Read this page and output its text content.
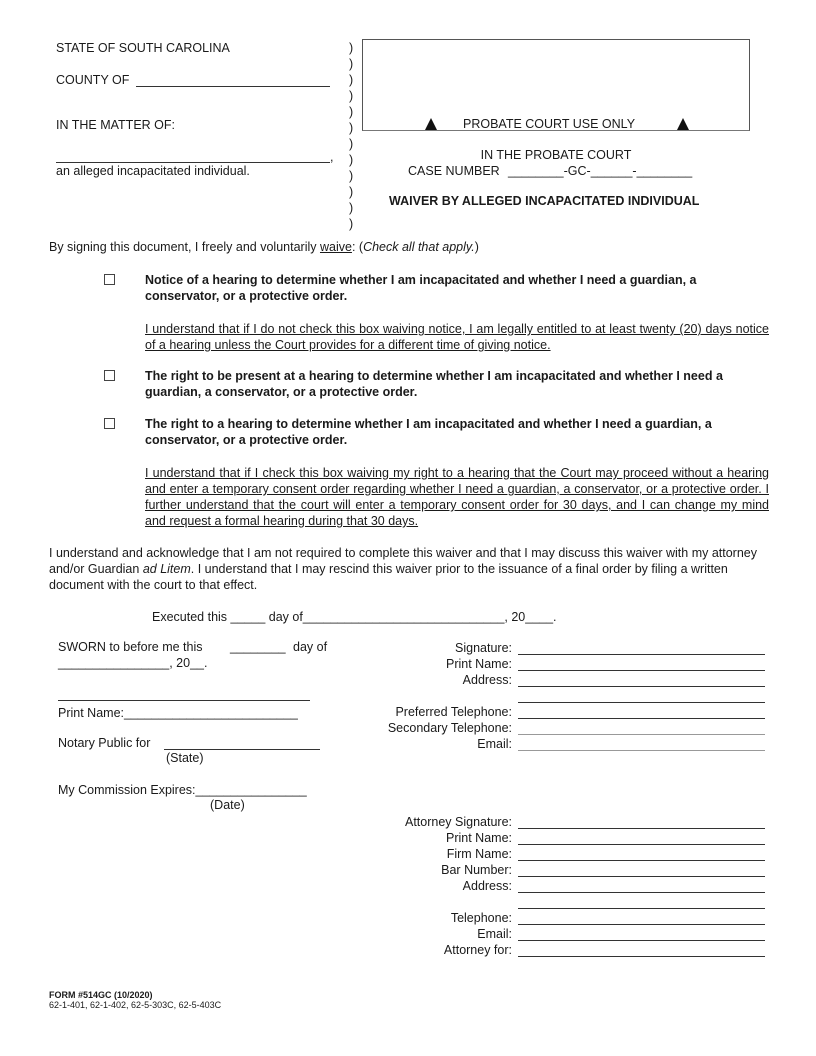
STATE OF SOUTH CAROLINA
COUNTY OF
IN THE MATTER OF:
,
an alleged incapacitated individual.
)
)
)
)
)
)
)
)
)
)
)
)
PROBATE COURT USE ONLY
IN THE PROBATE COURT
CASE NUMBER ________-GC-______-________
WAIVER BY ALLEGED INCAPACITATED INDIVIDUAL
By signing this document, I freely and voluntarily waive: (Check all that apply.)
Notice of a hearing to determine whether I am incapacitated and whether I need a guardian, a conservator, or a protective order.
I understand that if I do not check this box waiving notice, I am legally entitled to at least twenty (20) days notice of a hearing unless the Court provides for a different time of giving notice.
The right to be present at a hearing to determine whether I am incapacitated and whether I need a guardian, a conservator, or a protective order.
The right to a hearing to determine whether I am incapacitated and whether I need a guardian, a conservator, or a protective order.
I understand that if I check this box waiving my right to a hearing that the Court may proceed without a hearing and enter a temporary consent order regarding whether I need a guardian, a conservator, or a protective order. I further understand that the court will enter a temporary consent order for 30 days, and I can change my mind and request a formal hearing during that 30 days.
I understand and acknowledge that I am not required to complete this waiver and that I may discuss this waiver with my attorney and/or Guardian ad Litem. I understand that I may rescind this waiver prior to the issuance of a final order by filing a written document with the court to that effect.
Executed this _____ day of_____________________________, 20____.
SWORN to before me this ________ day of
________________, 20__.
Print Name:_________________________
Notary Public for
(State)
My Commission Expires:________________
(Date)
Signature:
Print Name:
Address:
Preferred Telephone:
Secondary Telephone:
Email:
Attorney Signature:
Print Name:
Firm Name:
Bar Number:
Address:
Telephone:
Email:
Attorney for:
FORM #514GC (10/2020)
62-1-401, 62-1-402, 62-5-303C, 62-5-403C
